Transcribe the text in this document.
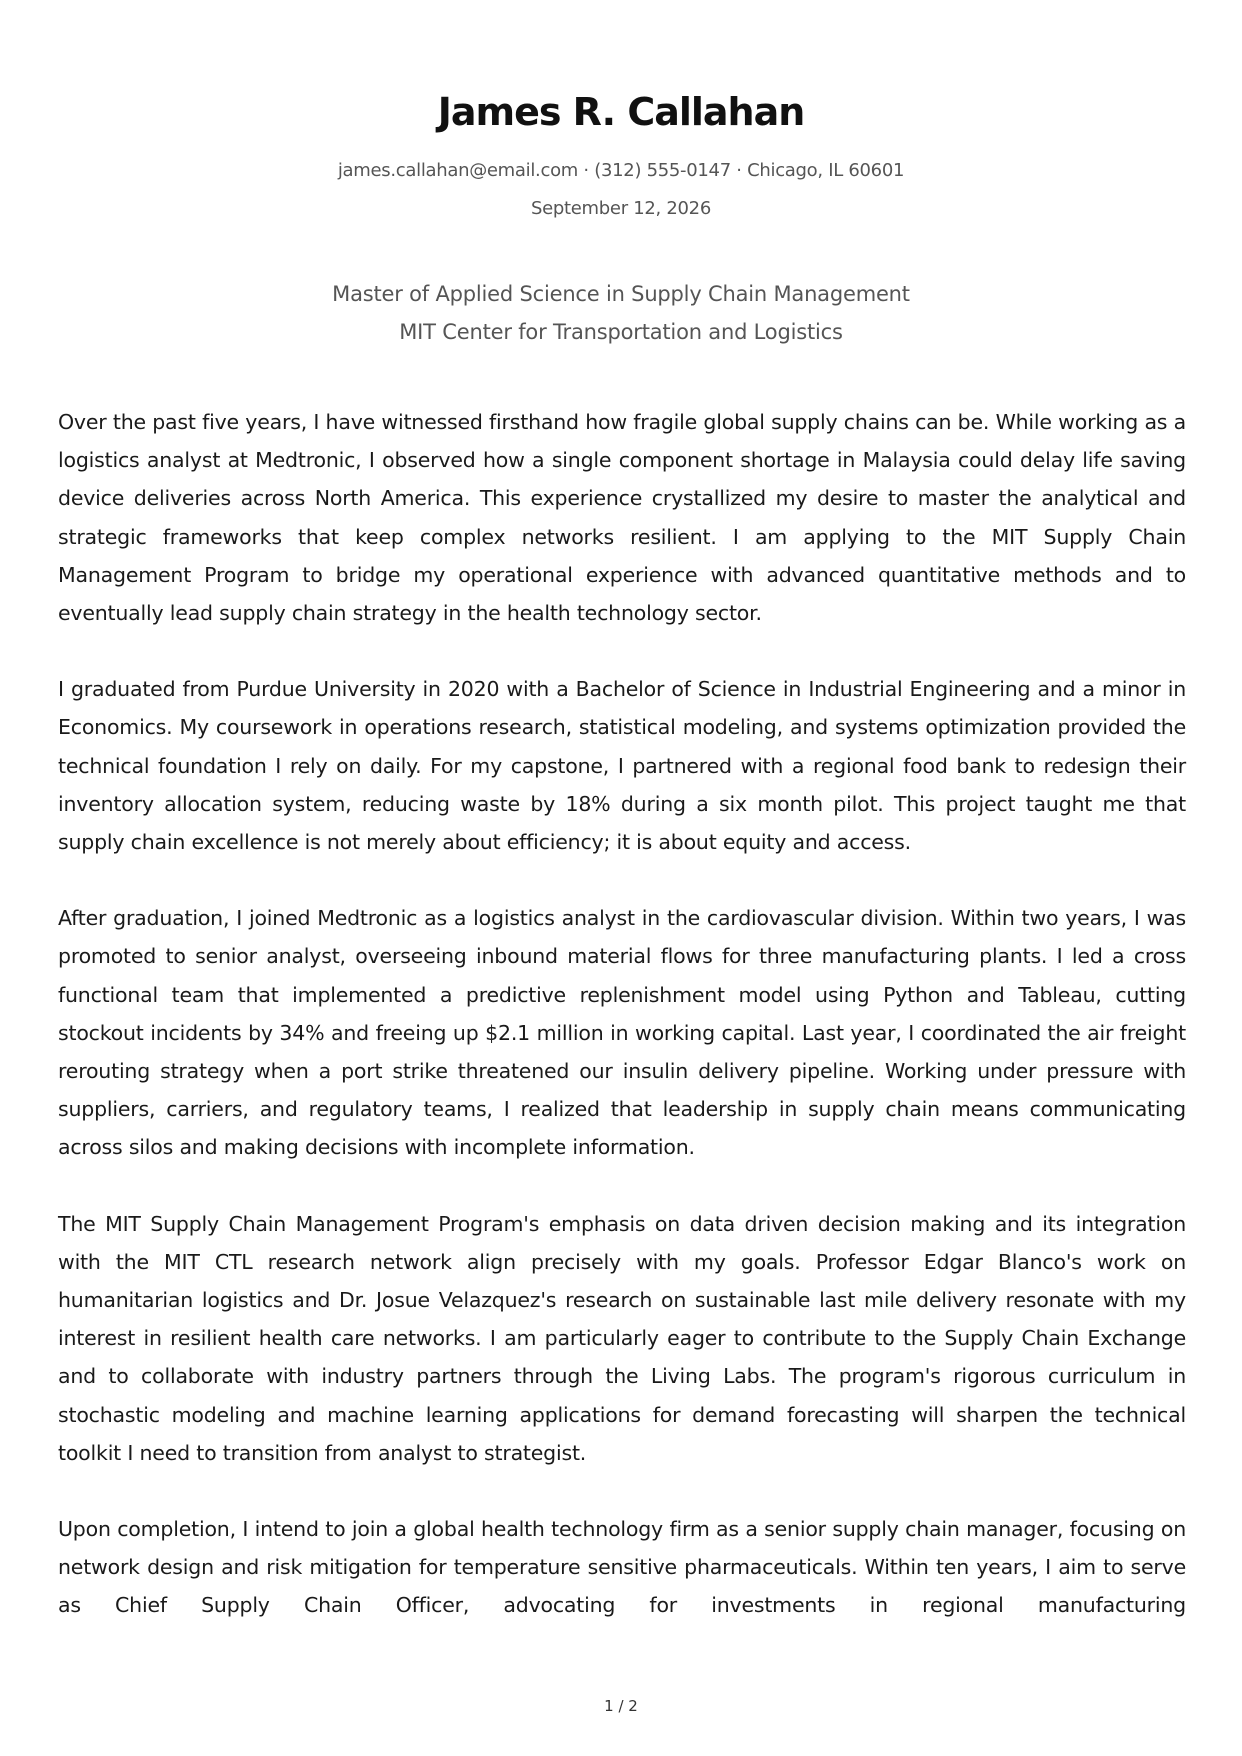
James R. Callahan
james.callahan@email.com · (312) 555-0147 · Chicago, IL 60601
September 12, 2026
Master of Applied Science in Supply Chain Management
MIT Center for Transportation and Logistics

Over the past five years, I have witnessed firsthand how fragile global supply chains can be. While working as a logistics analyst at Medtronic, I observed how a single component shortage in Malaysia could delay life saving device deliveries across North America. This experience crystallized my desire to master the analytical and strategic frameworks that keep complex networks resilient. I am applying to the MIT Supply Chain Management Program to bridge my operational experience with advanced quantitative methods and to eventually lead supply chain strategy in the health technology sector.

I graduated from Purdue University in 2020 with a Bachelor of Science in Industrial Engineering and a minor in Economics. My coursework in operations research, statistical modeling, and systems optimization provided the technical foundation I rely on daily. For my capstone, I partnered with a regional food bank to redesign their inventory allocation system, reducing waste by 18% during a six month pilot. This project taught me that supply chain excellence is not merely about efficiency; it is about equity and access.

After graduation, I joined Medtronic as a logistics analyst in the cardiovascular division. Within two years, I was promoted to senior analyst, overseeing inbound material flows for three manufacturing plants. I led a cross functional team that implemented a predictive replenishment model using Python and Tableau, cutting stockout incidents by 34% and freeing up $2.1 million in working capital. Last year, I coordinated the air freight rerouting strategy when a port strike threatened our insulin delivery pipeline. Working under pressure with suppliers, carriers, and regulatory teams, I realized that leadership in supply chain means communicating across silos and making decisions with incomplete information.

The MIT Supply Chain Management Program's emphasis on data driven decision making and its integration with the MIT CTL research network align precisely with my goals. Professor Edgar Blanco's work on humanitarian logistics and Dr. Josue Velazquez's research on sustainable last mile delivery resonate with my interest in resilient health care networks. I am particularly eager to contribute to the Supply Chain Exchange and to collaborate with industry partners through the Living Labs. The program's rigorous curriculum in stochastic modeling and machine learning applications for demand forecasting will sharpen the technical toolkit I need to transition from analyst to strategist.

Upon completion, I intend to join a global health technology firm as a senior supply chain manager, focusing on network design and risk mitigation for temperature sensitive pharmaceuticals. Within ten years, I aim to serve as Chief Supply Chain Officer, advocating for investments in regional manufacturing

1 / 2
